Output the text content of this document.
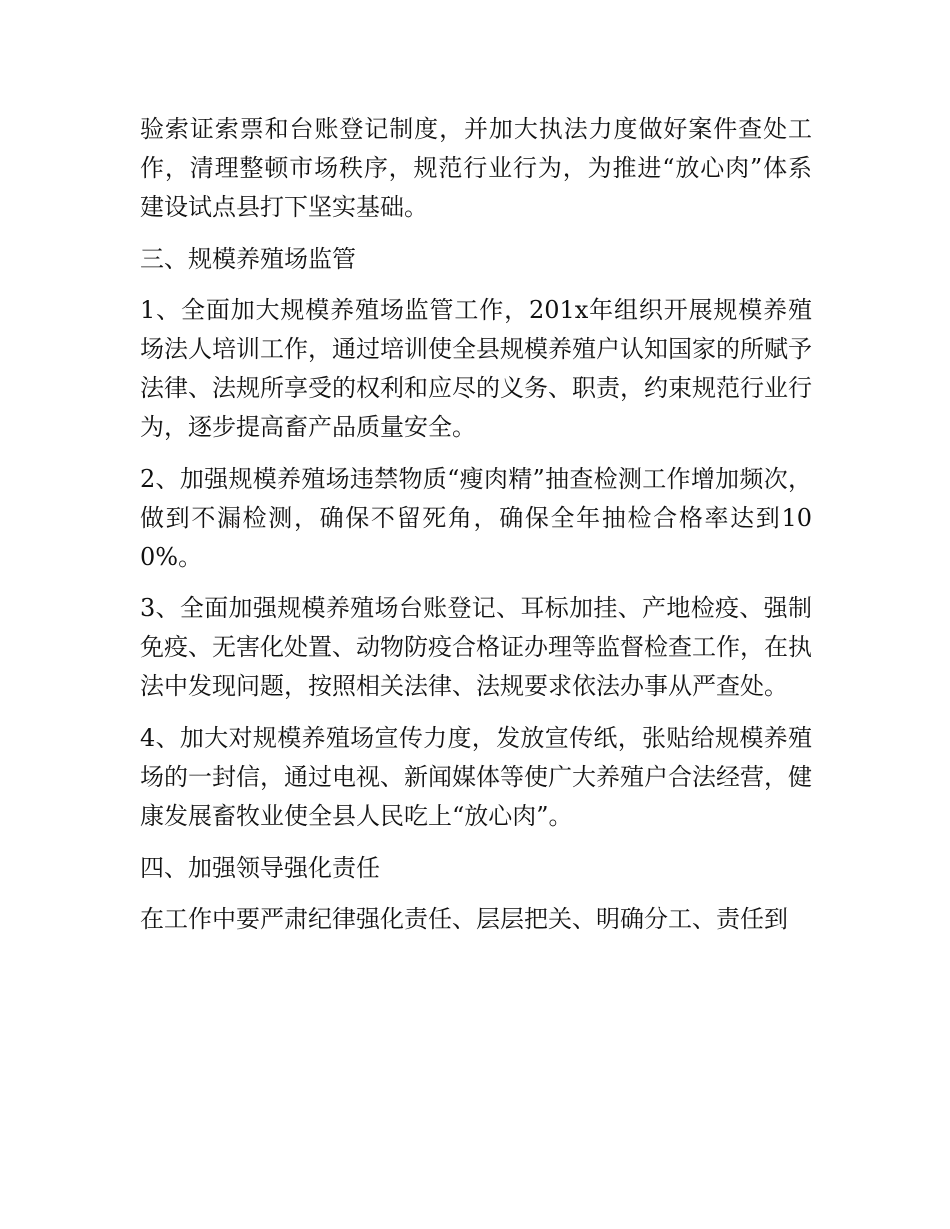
验索证索票和台账登记制度，并加大执法力度做好案件查处工作，清理整顿市场秩序，规范行业行为，为推进“放心肉”体系建设试点县打下坚实基础。

三、规模养殖场监管

1、全面加大规模养殖场监管工作，201x年组织开展规模养殖场法人培训工作，通过培训使全县规模养殖户认知国家的所赋予法律、法规所享受的权利和应尽的义务、职责，约束规范行业行为，逐步提高畜产品质量安全。

2、加强规模养殖场违禁物质“瘦肉精”抽查检测工作增加频次，做到不漏检测，确保不留死角，确保全年抽检合格率达到100%。

3、全面加强规模养殖场台账登记、耳标加挂、产地检疫、强制免疫、无害化处置、动物防疫合格证办理等监督检查工作，在执法中发现问题，按照相关法律、法规要求依法办事从严查处。

4、加大对规模养殖场宣传力度，发放宣传纸，张贴给规模养殖场的一封信，通过电视、新闻媒体等使广大养殖户合法经营，健康发展畜牧业使全县人民吃上“放心肉”。

四、加强领导强化责任

在工作中要严肃纪律强化责任、层层把关、明确分工、责任到
